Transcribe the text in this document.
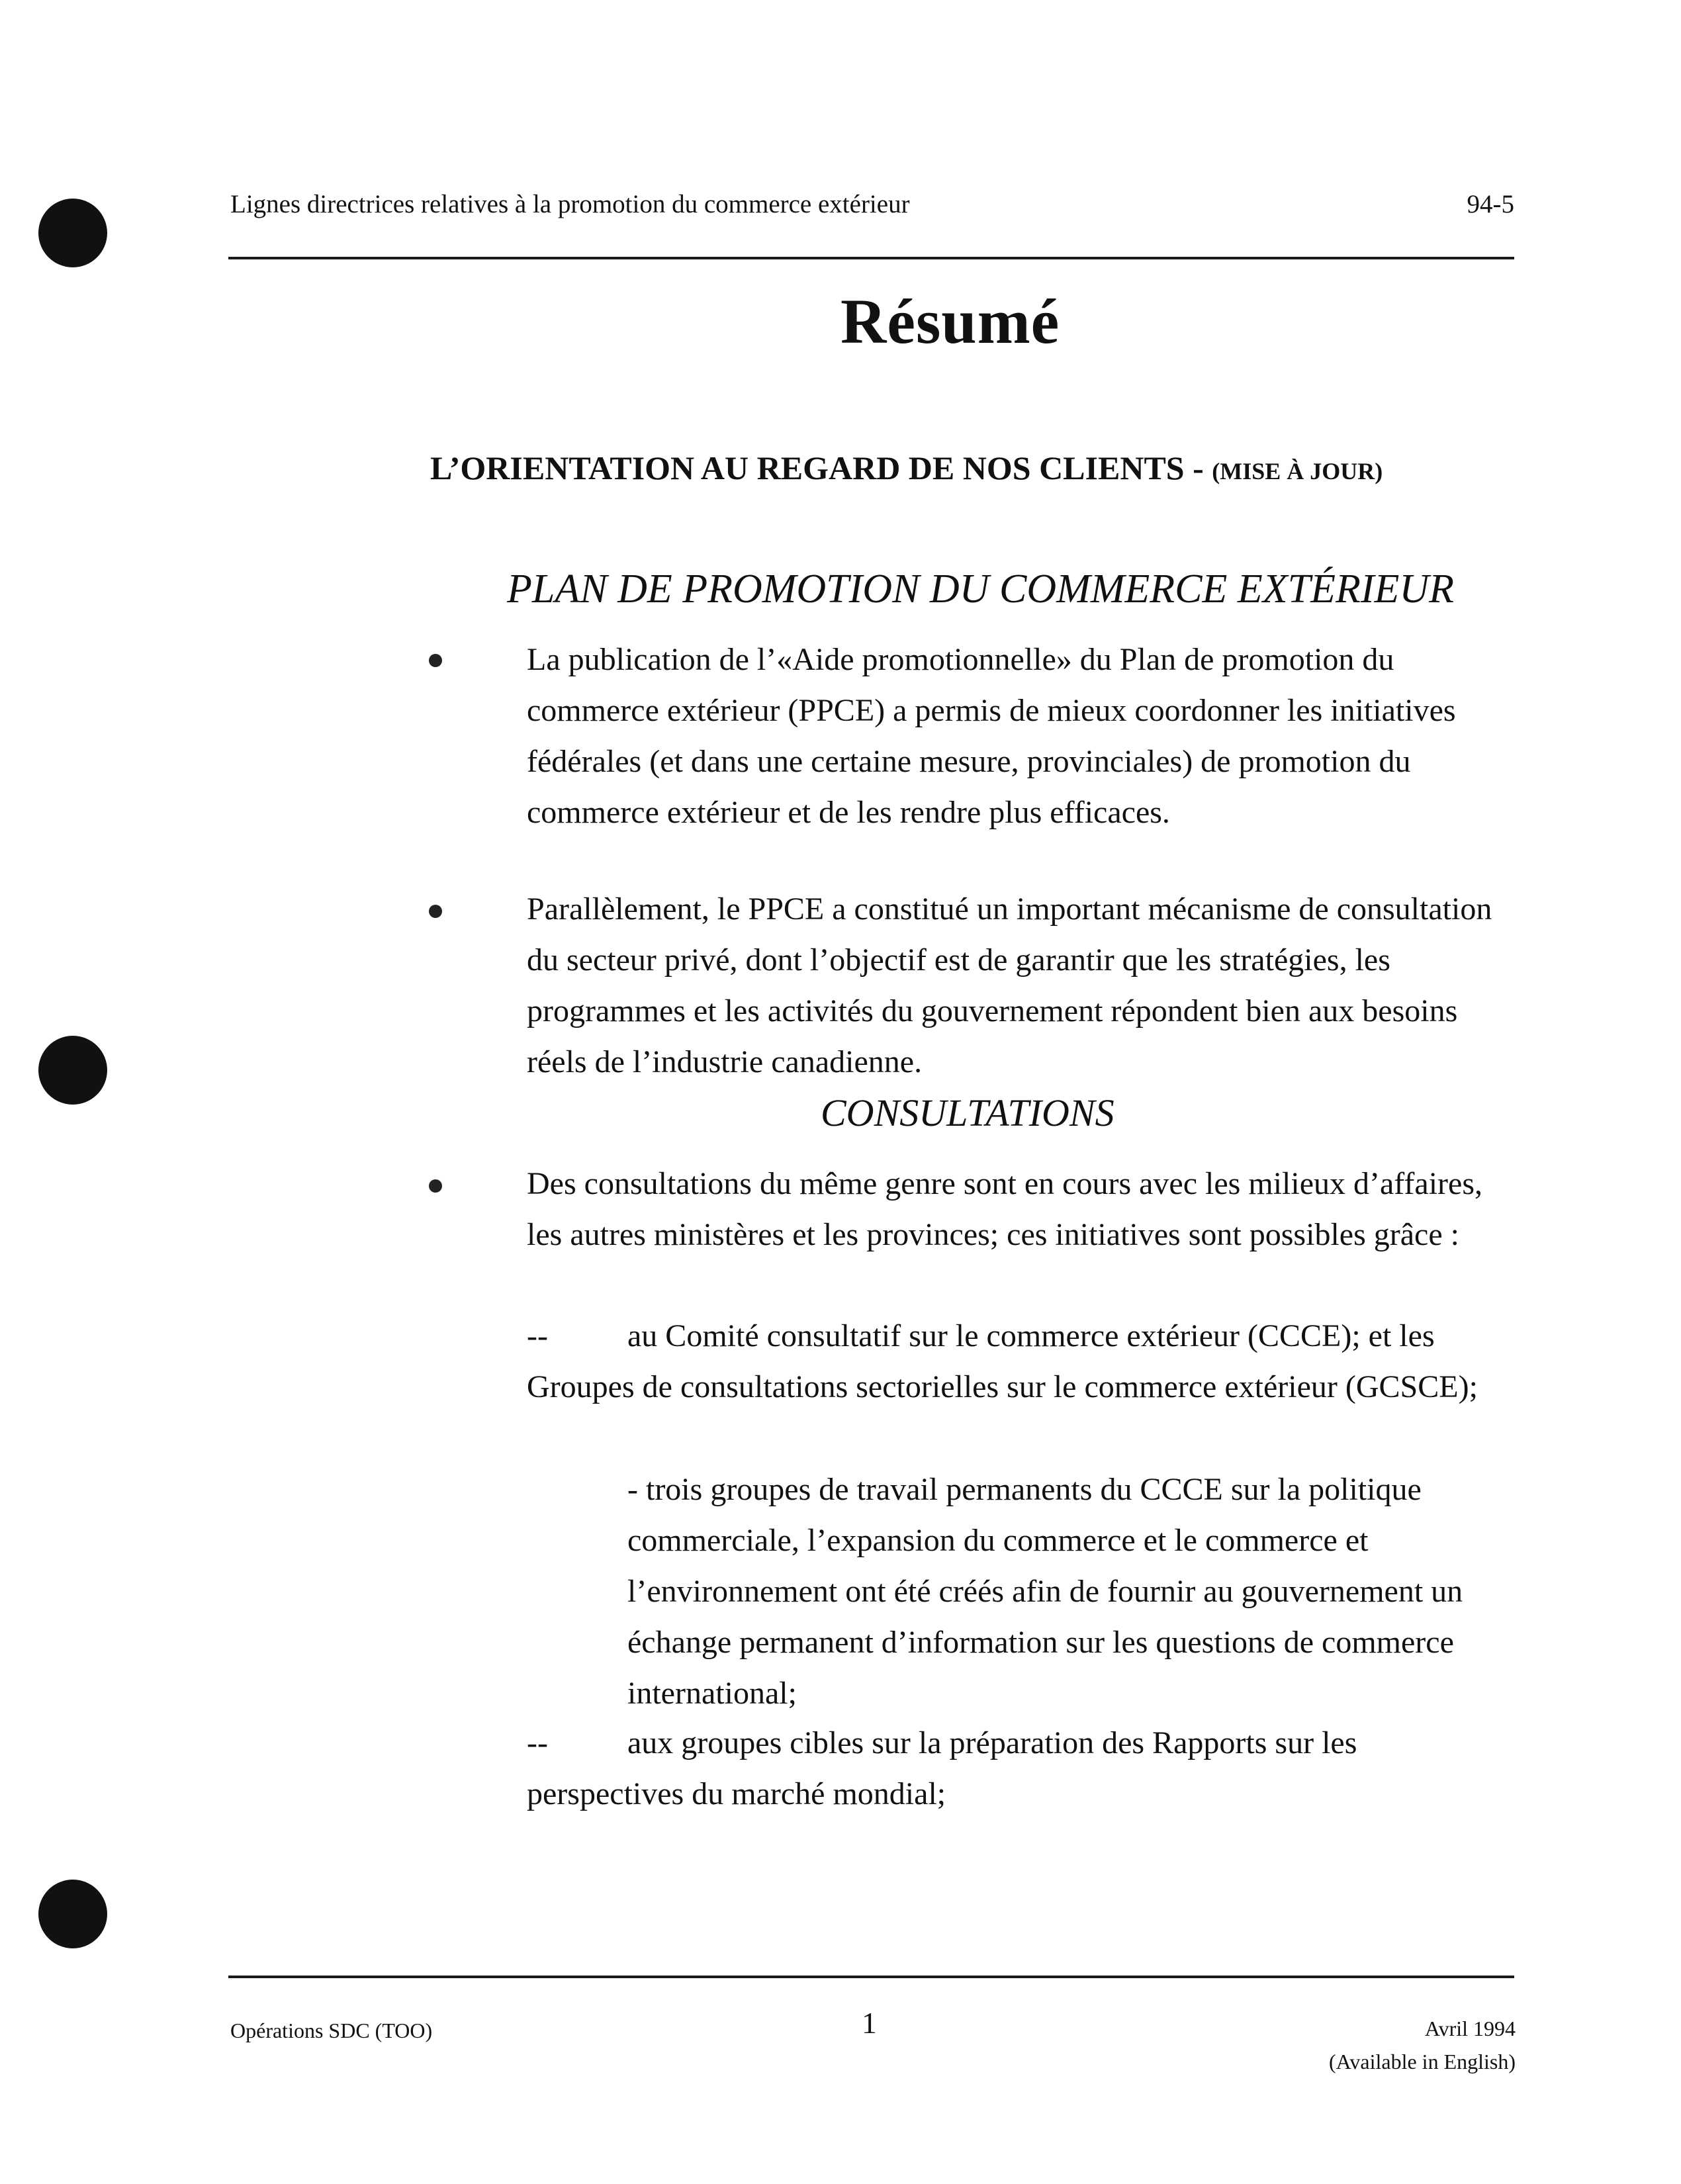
Lignes directrices relatives à la promotion du commerce extérieur	94-5
Résumé
L’ORIENTATION AU REGARD DE NOS CLIENTS - (MISE À JOUR)
PLAN DE PROMOTION DU COMMERCE EXTÉRIEUR
La publication de l’«Aide promotionnelle» du Plan de promotion du commerce extérieur (PPCE) a permis de mieux coordonner les initiatives fédérales (et dans une certaine mesure, provinciales) de promotion du commerce extérieur et de les rendre plus efficaces.
Parallèlement, le PPCE a constitué un important mécanisme de consultation du secteur privé, dont l’objectif est de garantir que les stratégies, les programmes et les activités du gouvernement répondent bien aux besoins réels de l’industrie canadienne.
CONSULTATIONS
Des consultations du même genre sont en cours avec les milieux d’affaires, les autres ministères et les provinces; ces initiatives sont possibles grâce :
--	au Comité consultatif sur le commerce extérieur (CCCE); et les Groupes de consultations sectorielles sur le commerce extérieur (GCSCE);
- trois groupes de travail permanents du CCCE sur la politique commerciale, l’expansion du commerce et le commerce et l’environnement ont été créés afin de fournir au gouvernement un échange permanent d’information sur les questions de commerce international;
--	aux groupes cibles sur la préparation des Rapports sur les perspectives du marché mondial;
Opérations SDC (TOO)	1	Avril 1994
(Available in English)
